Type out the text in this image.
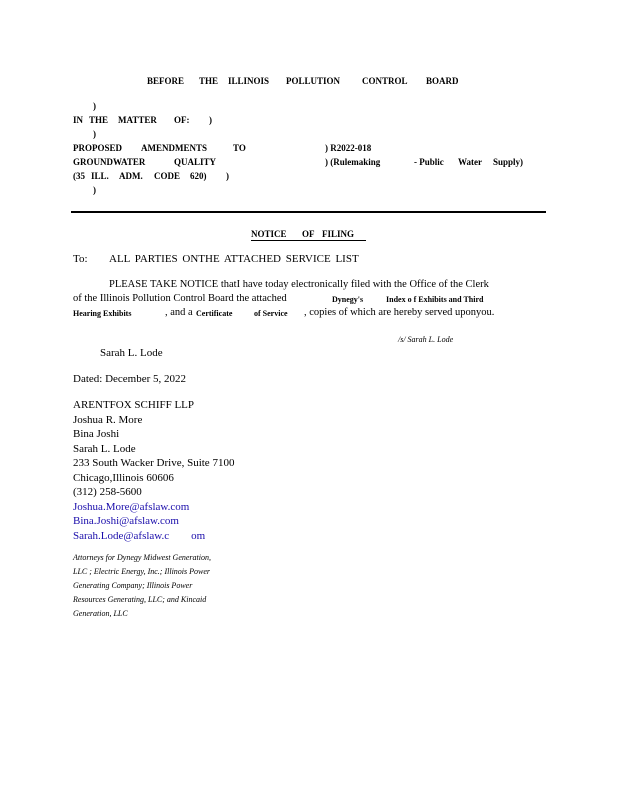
BEFORE THE ILLINOIS POLLUTION CONTROL BOARD
)
IN THE MATTER OF: )
)
PROPOSED AMENDMENTS	TO	) R2022-018
GROUNDWATER	QUALITY	) (Rulemaking	- Public Water Supply)
(35 ILL. ADM. CODE 620) )
)
NOTICE OF FILING
To: ALL PARTIES ONTHE ATTACHED SERVICE LIST
PLEASE TAKE NOTICE thatI have today electronically filed with the Office of the Clerk
of the Illinois Pollution Control Board the attached	Dynegy's	Index o f Exhibits and Third
Hearing Exhibits	, and a Certificate	of Service , copies of which are hereby served uponyou.
/s/ Sarah L. Lode
Sarah L. Lode
Dated: December 5, 2022
ARENTFOX SCHIFF LLP
Joshua R. More
Bina Joshi
Sarah L. Lode
233 South Wacker Drive, Suite 7100
Chicago,Illinois 60606
(312) 258-5600
Joshua.More@afslaw.com
Bina.Joshi@afslaw.com
Sarah.Lode@afslaw.c om
Attorneys for Dynegy Midwest Generation,
LLC ; Electric Energy, Inc.; Illinois Power
Generating Company; Illinois Power
Resources Generating, LLC; and Kincaid
Generation, LLC
